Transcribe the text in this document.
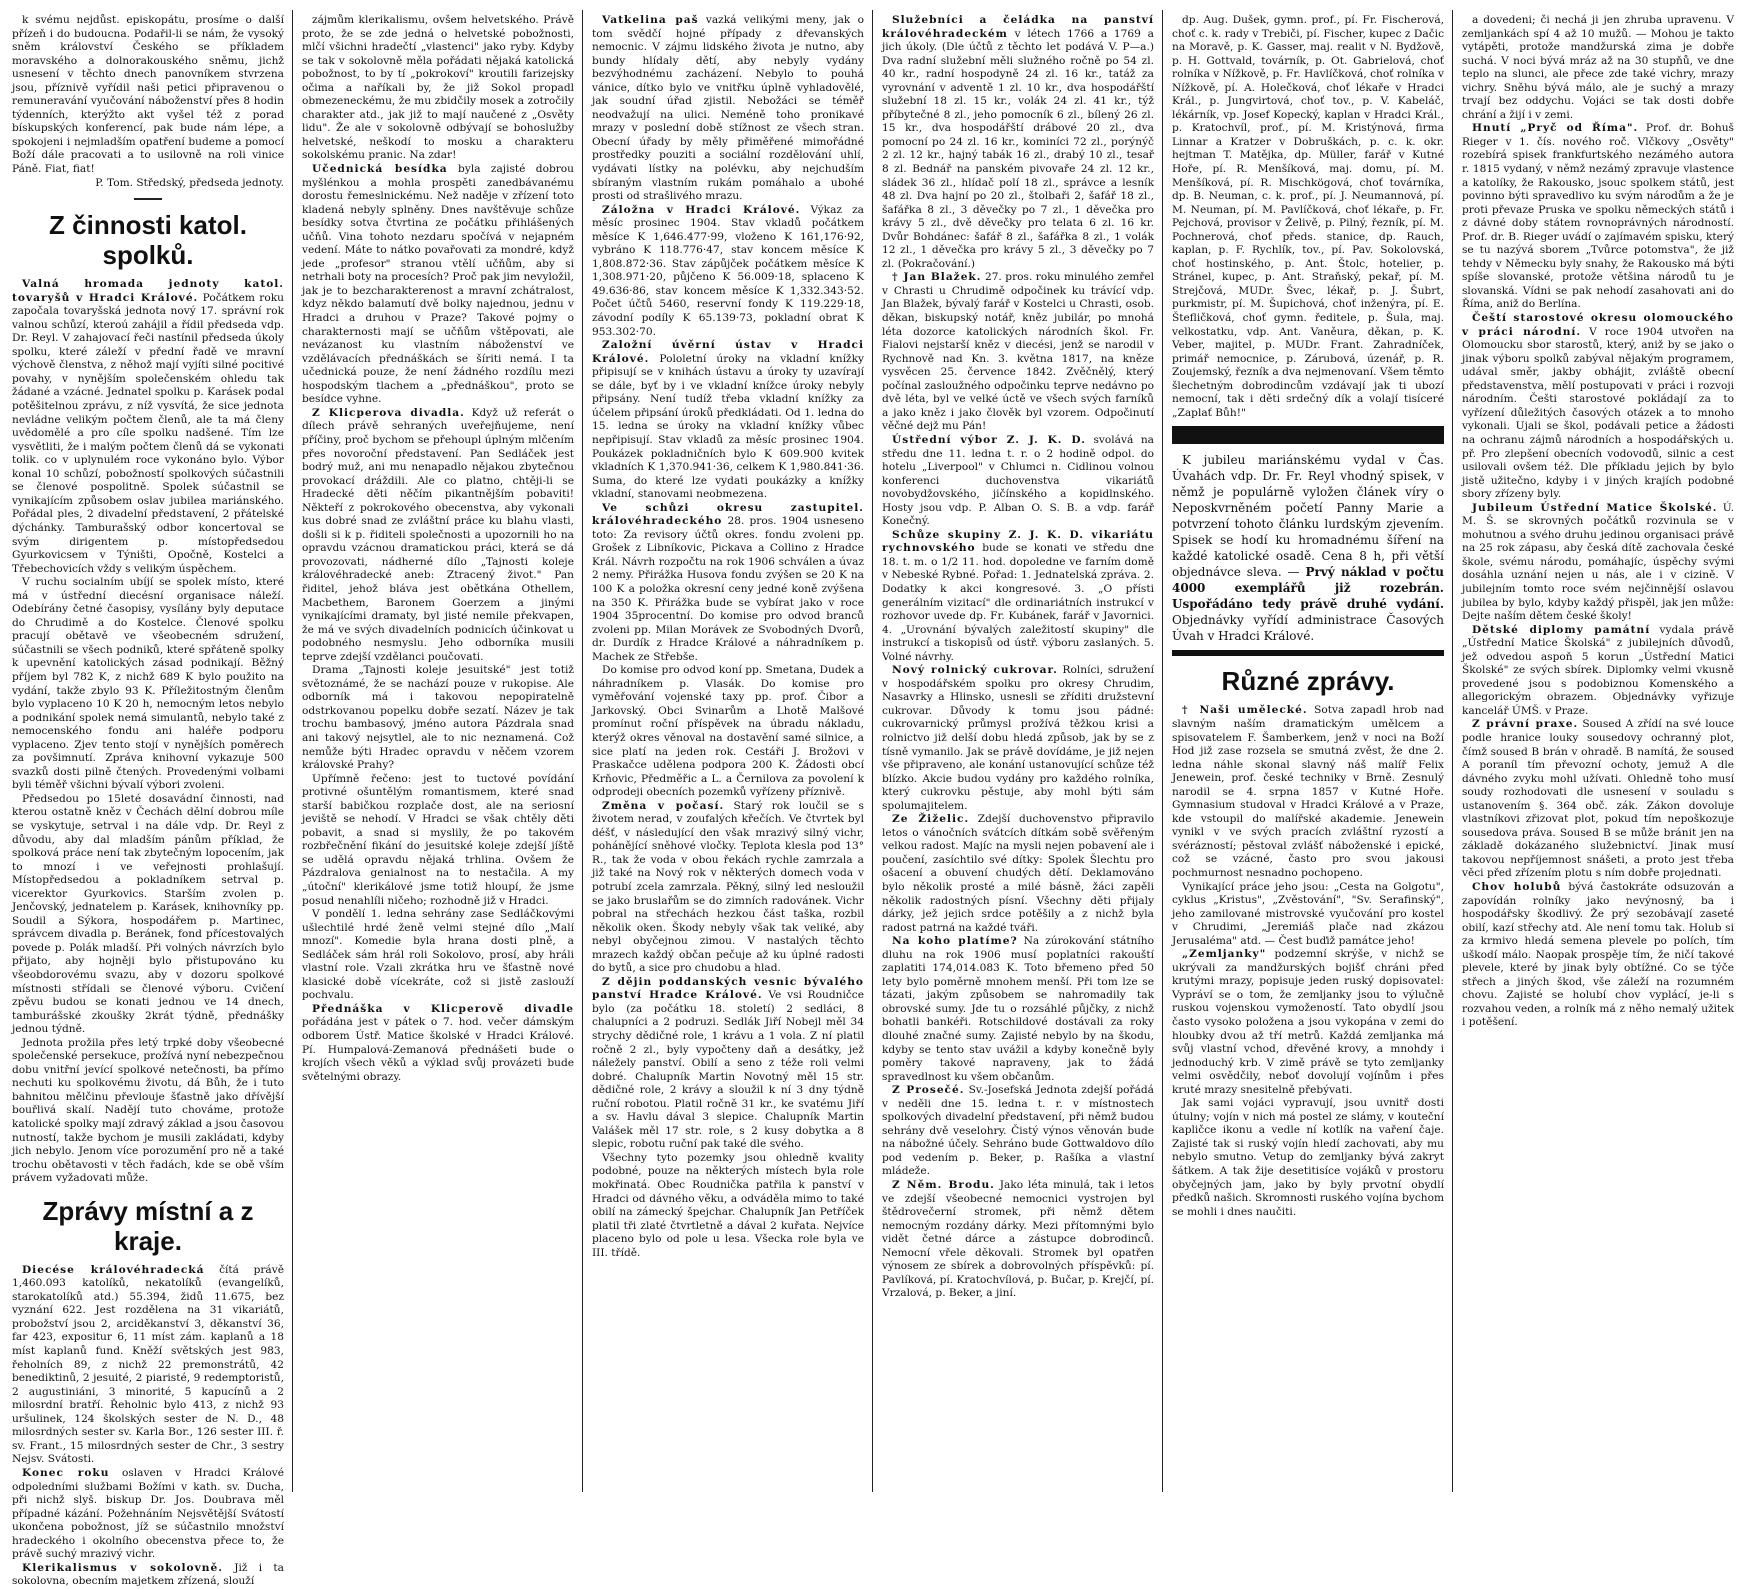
k svému nejdůst. episkopátu, prosíme o další přízeň i do budoucna. Podařil-li se nám, že vysoký sněm království Českého se příkladem moravského a dolnorakouského sněmu, jichž usnesení v těchto dnech panovníkem stvrzena jsou, příznivě vyřídil naši petici připravenou o remuneravání vyučování náboženství přes 8 hodin týdenních, kterýžto akt vyšel též z porad bískupských konferencí, pak bude nám lépe, a spokojeni i nejmladším opatření budeme a pomocí Boží dále pracovati a to usilovně na roli vinice Páně. Fiat, fiat!

P. Tom. Středský, předseda jednoty.

Z činnosti katol. spolků.

Valná hromada jednoty katol. tovaryšů v Hradci Králové. Počátkem roku započala tovaryšská jednota nový 17. správní rok valnou schůzí, kteroú zahájil a řídil předseda vdp. Dr. Reyl. V zahajovací řeči nastínil předseda úkoly spolku, které záleží v přední řadě ve mravní výchově členstva, z něhož mají vyjíti silné pocitivé povahy, v nynějším společenském ohledu tak žádané a vzácné. Jednatel spolku p. Karásek podal potěšitelnou zprávu, z níž vysvítá, že sice jednota nevládne velikým počtem členů, ale ta má členy uvědomělé a pro cíle spolku nadšené. Tím lze vysvětliti, že i malým počtem členů dá se vykonati tolik. co v uplynulém roce vykonáno bylo. Výbor konal 10 schůzí, pobožností spolkových súčastnili se členové pospolitně. Spolek súčastnil se vynikajícím způsobem oslav jubilea mariánského. Pořádal ples, 2 divadelní představení, 2 přátelské dýchánky. Tamburašský odbor koncertoval se svým dirigentem p. místopředsedou Gyurkovicsem v Týništi, Opočně, Kostelci a Třebechovicích vždy s velikým úspěchem.

V ruchu socialním ubíjí se spolek místo, které má v ústřední diecésní organisace náleží. Odebírány četné časopisy, vysílány byly deputace do Chrudimě a do Kostelce. Členové spolku pracují obětavě ve všeobecném sdružení, súčastnili se všech podniků, které spřáteně spolky k upevnění katolických zásad podnikají. Běžný příjem byl 782 K, z nichž 689 K bylo použito na vydání, takže zbylo 93 K. Příležitostným členům bylo vyplaceno 10 K 20 h, nemocným letos nebylo a podnikání spolek nemá simulantů, nebylo také z nemocenského fondu ani haléře podporu vyplaceno. Zjev tento stojí v nynějších poměrech za povšimnutí. Zpráva knihovní vykazuje 500 svazků dosti pilně čtených. Provedenými volbami byli téměř všichni bývalí výbori zvoleni.

Předsedou po 15leté dosavádní činnosti, nad kterou ostatně kněz v Čechách dělní dobrou míle se vyskytuje, setrval i na dále vdp. Dr. Reyl z důvodu, aby dal mladším pánům příklad, že spolková práce není tak zbytečným lopocením, jak to mnozí i ve veřejnosti prohlašují. Místopředsedou a pokladníkem setrval p. vicerektor Gyurkovics. Starším zvolen p. Jenčovský, jednatelem p. Karásek, knihovníky pp. Soudil a Sýkora, hospodářem p. Martinec, správcem divadla p. Beránek, fond přícestovalých povede p. Polák mladší. Při volných návrzích bylo přijato, aby hojněji bylo přistupováno ku všeobdorovému svazu, aby v dozoru spolkové místnosti střídali se členové výboru. Cvičení zpěvu budou se konati jednou ve 14 dnech, tamburášské zkoušky 2krát týdně, přednášky jednou týdně.

Jednota prožila přes letý trpké doby všeobecné společenské persekuce, prožívá nyní nebezpečnou dobu vnitřní jevící spolkové netečnosti, ba přímo nechuti ku spolkovému životu, dá Bůh, že i tuto bahnitou mělčinu převlouje šťastně jako dřívější bouřlivá skalí. Nadějí tuto chováme, protože katolické spolky mají zdravý základ a jsou časovou nutností, takže bychom je musili zakládati, kdyby jich nebylo. Jenom více porozumění pro ně a také trochu obětavosti v těch řadách, kde se obě vším právem vyžadovati může.

Zprávy místní a z kraje.

Diecése královéhradecká čítá právě 1,460.093 katolíků, nekatolíků (evangelíků, starokatolíků atd.) 55.394, židů 11.675, bez vyznání 622. Jest rozdělena na 31 vikariátů, probožství jsou 2, arciděkanství 3, děkanství 36, far 423, expositur 6, 11 míst zám. kaplanů a 18 míst kaplanů fund. Kněží světských jest 983, řeholních 89, z nichž 22 premonstrátů, 42 benediktinů, 2 jesuité, 2 piaristé, 9 redemptoristů, 2 augustiniáni, 3 minorité, 5 kapucínů a 2 milosrdní bratří. Řeholnic bylo 413, z nichž 93 uršulinek, 124 školských sester de N. D., 48 milosrdných sester sv. Karla Bor., 126 sester III. ř. sv. Frant., 15 milosrdných sester de Chr., 3 sestry Nejsv. Svátosti.

Konec roku oslaven v Hradci Králové odpoledními službami Božími v kath. sv. Ducha, při nichž slyš. biskup Dr. Jos. Doubrava měl případné kázání. Požehnáním Nejsvětější Svátostí ukončena pobožnost, jíž se súčastnilo množství hradeckého i okolního obecenstva přece to, že právě suchý mrazivý vichr.

Klerikalismus v sokolovně. Již i ta sokolovna, obecním majetkem zřízená, slouží

zájmům klerikalismu, ovšem helvetského. Právě proto, že se zde jedná o helvetské pobožnosti, mlčí všichni hradečtí „vlastenci" jako ryby. Kdyby se tak v sokolovně měla pořádati nějaká katolická pobožnost, to by tí „pokrokoví" kroutili farizejsky očima a naříkali by, že již Sokol propadl obmezeneckému, že mu zbidčily mosek a zotročily charakter atd., jak již to mají naučené z „Osvěty lidu". Že ale v sokolovně odbývají se bohoslužby helvetské, neškodí to mosku a charakteru sokolskému pranic. Na zdar!

Učednická besídka byla zajisté dobrou myšlénkou a mohla prospěti zanedbávanému dorostu řemeslnickému. Než naděje v zřízení toto kladená nebyly splněny. Dnes navštěvuje schůze besídky sotva čtvrtina ze počátku přihlášených učňů. Vina tohoto nezdaru spočívá v nejapném vedení. Máte to nátko povařovati za mondré, když jede „profesor" stranou vtělí učňům, aby si netrhali boty na procesích? Proč pak jim nevyložil, jak je to bezcharakterenost a mravní zchátralost, kdyz někdo balamutí dvě bolky najednou, jednu v Hradci a druhou v Praze? Takové pojmy o charakternosti mají se učňům vštěpovati, ale nevázanost ku vlastním náboženství ve vzdělávacích přednáškách se šíriti nemá. I ta učednická pouze, že není žádného rozdílu mezi hospodským tlachem a „přednáškou", proto se besídce vyhne.

Z Klicperova divadla. Když už referát o dílech právě sehraných uveřejňujeme, není příčiny, proč bychom se přehoupl úplným mlčením přes novoroční představení. Pan Sedláček jest bodrý muž, ani mu nenapadlo nějakou zbytečnou provokací dráždili. Ale co platno, chtěji-li se Hradecké děti něčím pikantnějším pobaviti! Někteří z pokrokového obecenstva, aby vykonali kus dobré snad ze zvláštní práce ku blahu vlasti, došli si k p. řiditeli společnosti a upozornili ho na opravdu vzácnou dramatickou práci, která se dá provozovati, nádherné dílo „Tajnosti koleje královéhradecké aneb: Ztracený život." Pan řiditel, jehož bláva jest obětkána Othellem, Macbethem, Baronem Goerzem a jinými vynikajícími dramaty, byl jisté nemile překvapen, že má ve svých divadelních podnicích účinkovat u podobného nesmyslu. Jeho odborníka musili teprve zdejší vzdělanci poučovati.

Drama „Tajnosti koleje jesuitské" jest totiž světoznámé, že se nachází pouze v rukopise. Ale odborník má i takovou nepopiratelně odstrkovanou popelku dobře sezatí. Název je tak trochu bambasový, jméno autora Pázdrala snad ani takový nejsytlel, ale to nic neznamená. Což nemůže býti Hradec opravdu v něčem vzorem královské Prahy?

Upřímně řečeno: jest to tuctové povídání protivné ošuntělým romantismem, které snad starší babičkou rozplače dost, ale na seriosní jeviště se nehodí. V Hradci se však chtěly děti pobavit, a snad si myslily, že po takovém rozbřečnění fikání do jesuitské koleje zdejší jíště se udělá opravdu nějaká trhlina. Ovšem že Pázdralova genialnost na to nestačila. A my „útoční" klerikálové jsme totiž hloupí, že jsme posud nenahlíli ničeho; rozhodně již v Hradci.

V pondělí 1. ledna sehrány zase Sedláčkovými ušlechtilé hrdé ženě velmi stejné dílo „Malí mnozí". Komedie byla hrana dosti plně, a Sedláček sám hrál roli Sokolovo, prosí, aby hráli vlastní role. Vzali zkrátka hru ve šťastně nové klasické době vícekráte, což si jistě zaslouží pochvalu.

Přednáška v Klicperově divadle pořádána jest v pátek o 7. hod. večer dámským odborem Ústř. Matice školské v Hradci Králové. Pí. Humpalová-Zemanová přednášeti bude o krojích všech věků a výklad svůj provázeti bude světelnými obrazy.

Vatkelina paš vazká velikými meny, jak o tom svědčí hojné případy z dřevanských nemocnic. V zájmu lidského života je nutno, aby bundy hlídaly dětí, aby nebyly vydány bezvýhodnému zacházení. Nebylo to pouhá vánice, dítko bylo ve vnitřku úplně vyhladovělé, jak soudní úřad zjistil. Nebožáci se téměř neodvažují na ulici. Neméně toho pronikavé mrazy v poslední době stížnost ze všech stran. Obecní úřady by měly přiměřené mimořádné prostředky pouziti a sociální rozdělování uhlí, vydávati lístky na polévku, aby nejchudším sbíraným vlastním rukám pomáhalo a ubohé prosti od strašlivého mrazu.

Záložna v Hradci Králové. Výkaz za měsíc prosinec 1904. Stav vkladů počátkem měsíce K 1,646.477·99, vloženo K 161,176·92, vybráno K 118.776·47, stav koncem měsíce K 1,808.872·36. Stav zápůjček počátkem měsíce K 1,308.971·20, půjčeno K 56.009·18, splaceno K 49.636·86, stav koncem měsíce K 1,332.343·52. Počet účtů 5460, reservní fondy K 119.229·18, závodní podíly K 65.139·73, pokladní obrat K 953.302·70.

Založní úvěrní ústav v Hradci Králové. Pololetní úroky na vkladní knížky připisují se v knihách ústavu a úroky ty uzavírají se dále, byť by i ve vkladní knížce úroky nebyly připsány. Není tudíž třeba vkladní knížky za účelem připsání úroků předkládati. Od 1. ledna do 15. ledna se úroky na vkladní knížky vůbec nepřipisují. Stav vkladů za měsíc prosinec 1904. Poukázek pokladničních bylo K 609.900 kvitek vkladních K 1,370.941·36, celkem K 1,980.841·36. Suma, do které lze vydati poukázky a knížky vkladní, stanovami neobmezena.

Ve schůzi okresu zastupitel. královéhradeckého 28. pros. 1904 usneseno toto: Za revisory účtů okres. fondu zvoleni pp. Grošek z Libníkovic, Pickava a Collino z Hradce Král. Návrh rozpočtu na rok 1906 schválen a úvaz 2 nemy. Přirážka Husova fondu zvýšen se 20 K na 100 K a položka okresní ceny jedné koně zvýšena na 350 K. Přirážka bude se vybírat jako v roce 1904 35procentní. Do komise pro odvod branců zvoleni pp. Milan Morávek ze Svobodných Dvorů, dr. Durdík z Hradce Králové a náhradníkem p. Machek ze Střebše.

Do komise pro odvod koní pp. Smetana, Dudek a náhradníkem p. Vlasák. Do komise pro vyměřování vojenské taxy pp. prof. Čibor a Jarkovský. Obci Svinarům a Lhotě Malšové promínut roční příspěvek na úbradu nákladu, kterýž okres věnoval na dostavění samé silnice, a sice platí na jeden rok. Cestáři J. Brožovi v Praskačce udělena podpora 200 K. Žádosti obcí Krňovic, Předměřic a L. a Černilova za povolení k odprodeji obecních pozemků vyřízeny příznivě.

Změna v počasí. Starý rok loučil se s životem nerad, v zoufalých křečích. Ve čtvrtek byl déšť, v následující den však mrazivý silný vichr, pohánějící sněhové vločky. Teplota klesla pod 13° R., tak že voda v obou řekách rychle zamrzala a již také na Nový rok v některých domech voda v potrubí zcela zamrzala. Pěkný, silný led nesloužil se jako bruslařům se do zimních radovánek. Vichr pobral na střechách hezkou část taška, rozbil několik oken. Škody nebyly však tak veliké, aby nebyl obyčejnou zimou. V nastalých těchto mrazech každý občan pečuje až ku úplné radosti do bytů, a sice pro chudobu a hlad.

Z dějin poddanských vesnic bývalého panství Hradce Králové. Ve vsi Roudničce bylo (za počátku 18. století) 2 sedláci, 8 chalupníci a 2 podruzi. Sedlák Jiří Nobejl měl 34 strychy dědičné role, 1 krávu a 1 vola. Z ní platil ročně 2 zl., byly vypočteny daň a desátky, jež náležely panství. Obilí a seno z téže roli velmi dobré. Chalupník Martin Novotný měl 15 str. dědičné role, 2 krávy a sloužil k ní 3 dny týdně ruční robotou. Platil ročně 31 kr., ke svatému Jiří a sv. Havlu dával 3 slepice. Chalupník Martin Valášek měl 17 str. role, s 2 kusy dobytka a 8 slepic, robotu ruční pak také dle svého.

Všechny tyto pozemky jsou ohledně kvality podobné, pouze na některých místech byla role mokřinatá. Obec Roudnička patřila k panství v Hradci od dávného věku, a odváděla mimo to také obilí na zámecký špejchar. Chalupník Jan Petříček platil tři zlaté čtvrtletně a dával 2 kuřata. Nejvíce placeno bylo od pole u lesa. Všecka role byla ve III. třídě.

Služebníci a čeládka na panství královéhradeckém v létech 1766 a 1769 a jich úkoly. (Dle účtů z těchto let podává V. P—a.) Dva radní služební měli služného ročně po 54 zl. 40 kr., radní hospodyně 24 zl. 16 kr., tatáž za vyrovnání v adventě 1 zl. 10 kr., dva hospodářští služební 18 zl. 15 kr., volák 24 zl. 41 kr., týž příbytečné 8 zl., jeho pomocník 6 zl., bílený 26 zl. 15 kr., dva hospodářští drábové 20 zl., dva pomocní po 24 zl. 16 kr., kominíci 72 zl., porýnýč 2 zl. 12 kr., hajný tabák 16 zl., drabý 10 zl., tesař 8 zl. Bednář na panském pivovaře 24 zl. 12 kr., sládek 36 zl., hlídač polí 18 zl., správce a lesník 48 zl. Dva hajní po 20 zl., štolbaři 2, šafář 18 zl., šafářka 8 zl., 3 děvečky po 7 zl., 1 děvečka pro krávy 5 zl., dvě děvečky pro telata 6 zl. 16 kr. Dvůr Bohdánec: šafář 8 zl., šafářka 8 zl., 1 volák 12 zl., 1 děvečka pro krávy 5 zl., 3 děvečky po 7 zl. (Pokračování.)

† Jan Blažek. 27. pros. roku minulého zemřel v Chrasti u Chrudimě odpočinek ku trávící vdp. Jan Blažek, bývalý farář v Kostelci u Chrasti, osob. děkan, biskupský notář, kněz jubilár, po mnohá léta dozorce katolických národních škol. Fr. Fialovi nejstarší kněz v diecési, jenž se narodil v Rychnově nad Kn. 3. května 1817, na kněze vysvěcen 25. července 1842. Zvěčnělý, který počínal zasloužného odpočinku teprve nedávno po dvě léta, byl ve velké úctě ve všech svých farníků a jako kněz i jako člověk byl vzorem. Odpočinutí věčné dejž mu Pán!

Ústřední výbor Z. J. K. D. svolává na středu dne 11. ledna t. r. o 2 hodině odpol. do hotelu „Liverpool" v Chlumci n. Cidlinou volnou konferenci duchovenstva vikariátů novobydžovského, jičínského a kopidlnského. Hosty jsou vdp. P. Alban O. S. B. a vdp. farář Konečný.

Schůze skupiny Z. J. K. D. vikariátu rychnovského bude se konati ve středu dne 18. t. m. o 1/2 11. hod. dopoledne ve farním domě v Nebeské Rybné. Pořad: 1. Jednatelská zpráva. 2. Dodatky k akci kongresové. 3. „O přísti generálním vizitací" dle ordinariátních instrukcí v rozhovor uvede dp. Fr. Kubánek, farář v Javornici. 4. „Urovnání bývalých zaležitostí skupiny" dle instrukcí a tiskopisů od ústř. výboru zaslaných. 5. Volné návrhy.

Nový rolnický cukrovar. Rolníci, sdružení v hospodářském spolku pro okresy Chrudim, Nasavrky a Hlinsko, usnesli se zříditi družstevní cukrovar. Důvody k tomu jsou pádné: cukrovarnický průmysl prožívá těžkou krisi a rolnictvo již delší dobu hledá způsob, jak by se z tísně vymanilo. Jak se právě dovídáme, je již nejen vše připraveno, ale konání ustanovující schůze též blízko. Akcie budou vydány pro každého rolníka, který cukrovku pěstuje, aby mohl býti sám spolumajitelem.

Ze Žiželic. Zdejší duchovenstvo připravilo letos o vánočních svátcích dítkám sobě svěřeným velkou radost. Majíc na mysli nejen pobavení ale i poučení, zasíchtilo své dítky: Spolek Šlechtu pro ošacení a obuvení chudých dětí. Deklamováno bylo několik prosté a milé básně, žáci zapěli několik radostných písní. Všechny děti přijaly dárky, jež jejich srdce potěšily a z nichž byla radost patrná na každé tváři.

Na koho platíme? Na zúrokování státního dluhu na rok 1906 musí poplatníci rakouští zaplatiti 174,014.083 K. Toto břemeno před 50 lety bylo poměrně mnohem menší. Při tom lze se tázati, jakým způsobem se nahromadily tak obrovské sumy. Jde tu o rozsáhlé půjčky, z nichž bohatli bankéři. Rotschildové dostávali za roky dlouhé značné sumy. Zajisté nebylo by na škodu, kdyby se tento stav uvážil a kdyby konečně byly poměry takové napraveny, jak to žádá spravedlnost ku všem občanům.

Z Prosečé. Sv.-Josefská Jednota zdejší pořádá v neděli dne 15. ledna t. r. v místnostech spolkových divadelní představení, při němž budou sehrány dvě veselohry. Čistý výnos věnován bude na nábožné účely. Sehráno bude Gottwaldovo dílo pod vedením p. Beker, p. Rašíka a vlastní mládeže.

Z Něm. Brodu. Jako léta minulá, tak i letos ve zdejší všeobecné nemocnici vystrojen byl štědrovečerní stromek, při němž dětem nemocným rozdány dárky. Mezi přítomnými bylo vidět četné dárce a zástupce dobrodinců. Nemocní vřele děkovali. Stromek byl opatřen výnosem ze sbírek a dobrovolných příspěvků: pí. Pavlíková, pí. Kratochvílová, p. Bučar, p. Krejčí, pí. Vrzalová, p. Beker, a jiní.

dp. Aug. Dušek, gymn. prof., pí. Fr. Fischerová, choť c. k. rady v Trebiči, pí. Fischer, kupec z Dačic na Moravě, p. K. Gasser, maj. realit v N. Bydžově, p. H. Gottvald, továrník, p. Ot. Gabrielová, choť rolníka v Nížkově, p. Fr. Havlíčková, choť rolníka v Nížkově, pí. A. Holečková, choť lékaře v Hradci Král., p. Jungvirtová, choť tov., p. V. Kabeláč, lékárník, vp. Josef Kopecký, kaplan v Hradci Král., p. Kratochvíl, prof., pí. M. Kristýnová, firma Linnar a Kratzer v Dobruškách, p. c. k. okr. hejtman T. Matějka, dp. Müller, farář v Kutné Hoře, pí. R. Menšíková, maj. domu, pí. M. Menšíková, pí. R. Mischkögová, choť továrníka, dp. B. Neuman, c. k. prof., pí. J. Neumannová, pí. M. Neuman, pí. M. Pavlíčková, choť lékaře, p. Fr. Pejchová, provisor v Želivě, p. Pilný, řezník, pí. M. Pochnerová, choť předs. stanice, dp. Rauch, kaplan, p. F. Rychlík, tov., pí. Pav. Sokolovská, choť hostinského, p. Ant. Štolc, hotelier, p. Stránel, kupec, p. Ant. Straňský, pekař, pí. M. Strejčová, MUDr. Švec, lékař, p. J. Šubrt, purkmistr, pí. M. Šupichová, choť inženýra, pí. E. Štefličková, choť gymn. ředitele, p. Šula, maj. velkostatku, vdp. Ant. Vaněura, děkan, p. K. Veber, majitel, p. MUDr. Frant. Zahradníček, primář nemocnice, p. Zárubová, úzenář, p. R. Zoujemský, řezník a dva nejmenovaní. Všem těmto šlechetným dobrodincům vzdávají jak ti ubozí nemocní, tak i děti srdečný dík a volají tisíceré „Zaplať Bůh!"

K jubileu mariánskému vydal v Čas. Úvahách vdp. Dr. Fr. Reyl vhodný spisek, v němž je populárně vyložen článek víry o Neposkvrněném početí Panny Marie a potvrzení tohoto článku lurdským zjevením. Spisek se hodí ku hromadnému šíření na každé katolické osadě. Cena 8 h, při větší objednávce sleva. — Prvý náklad v počtu 4000 exemplářů již rozebrán. Uspořádáno tedy právě druhé vydání. Objednávky vyřídí administrace Časových Úvah v Hradci Králové.

Různé zprávy.

† Naši umělecké. Sotva zapadl hrob nad slavným naším dramatickým umělcem a spisovatelem F. Šamberkem, jenž v noci na Boží Hod již zase rozsela se smutná zvěst, že dne 2. ledna náhle skonal slavný náš malíř Felix Jenewein, prof. české techniky v Brně. Zesnulý narodil se 4. srpna 1857 v Kutné Hoře. Gymnasium studoval v Hradci Králové a v Praze, kde vstoupil do malířské akademie. Jenewein vynikl v ve svých pracích zvláštní ryzostí a svérázností; pěstoval zvlášť náboženské i epické, což se vzácné, často pro svou jakousi pochmurnost nesnadno pochopeno.

Vynikající práce jeho jsou: „Cesta na Golgotu", cyklus „Kristus", „Zvěstování", "Sv. Serafinský", jeho zamilované mistrovské vyučování pro kostel v Chrudimi, „Jeremiáš plače nad zkázou Jerusaléma" atd. — Čest buďiž památce jeho!

„Zemljanky" podzemní skrýše, v nichž se ukrývali za mandžurských bojišť chráni před krutými mrazy, popisuje jeden ruský dopisovatel: Vypráví se o tom, že zemljanky jsou to výlučně ruskou vojenskou vymožeností. Tato obydlí jsou často vysoko položena a jsou vykopána v zemi do hloubky dvou až tří metrů. Každá zemljanka má svůj vlastní vchod, dřevěné krovy, a mnohdy i jednoduchý krb. V zimě právě se tyto zemljanky velmi osvědčily, neboť dovolují vojínům i přes kruté mrazy snesitelně přebývati.

Jak sami vojáci vypravují, jsou uvnitř dosti útulny; vojín v nich má postel ze slámy, v kouteční kapličce ikonu a vedle ní kotlík na vaření čaje. Zajisté tak si ruský vojín hledí zachovati, aby mu nebylo smutno. Vetup do zemljanky bývá zakryt šátkem. A tak žije desetitisíce vojáků v prostoru obyčejných jam, jako by byly prvotní obydlí předků našich. Skromnosti ruského vojína bychom se mohli i dnes naučiti.

a dovedeni; či nechá ji jen zhruba upravenu. V zemljankách spí 4 až 10 mužů. — Mohou je takto vytápěti, protože mandžurská zima je dobře suchá. V noci bývá mráz až na 30 stupňů, ve dne teplo na slunci, ale přece zde také vichry, mrazy vichry. Sněhu bývá málo, ale je suchý a mrazy trvají bez oddychu. Vojáci se tak dosti dobře chrání a žijí i v zemi.

Hnutí „Pryč od Říma". Prof. dr. Bohuš Rieger v 1. čís. nového roč. Vlčkovy „Osvěty" rozebírá spisek frankfurtského nezámého autora r. 1815 vydaný, v němž nezámý zpravuje vlastence a katolíky, že Rakousko, jsouc spolkem států, jest povinno býti spravedlivo ku svým národům a že je proti převaze Pruska ve spolku německých států i z dávné doby státem rovnoprávných národností. Prof. dr. B. Rieger uvádí o zajímavém spisku, který se tu nazývá sborem „Tvůrce potomstva", že již tehdy v Německu byly snahy, že Rakousko má býti spíše slovanské, protože většina národů tu je slovanská. Vídni se pak nehodí zasahovati ani do Říma, aniž do Berlína.

Čeští starostové okresu olomouckého v práci národní. V roce 1904 utvořen na Olomoucku sbor starostů, který, aniž by se jako o jinak výboru spolků zabýval nějakým programem, udával směr, jakby obhájit, zvláště obecní představenstva, mělí postupovati v práci i rozvoji národním. Češti starostové pokládají za to vyřízení důležitých časových otázek a to mnoho vykonali. Ujali se škol, podávali petice a žádosti na ochranu zájmů národních a hospodářských u. př. Pro zlepšení obecních vodovodů, silnic a cest usilovali ovšem též. Dle příkladu jejich by bylo jistě užitečno, kdyby i v jiných krajích podobné sbory zřízeny byly.

Jubileum Ústřední Matice Školské. Ú. M. Š. se skrovných počátků rozvinula se v mohutnou a svého druhu jedinou organisaci právě na 25 rok zápasu, aby česká dítě zachovala české škole, svému národu, pomáhajíc, úspěchy svými dosáhla uznání nejen u nás, ale i v cizině. V jubilejním tomto roce svém nejčinnější oslavou jubilea by bylo, kdyby každý přispěl, jak jen může: Dejte naším dětem české školy!

Dětské diplomy památní vydala právě „Ústřední Matice Školská" z jubilejních důvodů, jež odvedou aspoň 5 korun „Ústřední Matici Školské" ze svých sbírek. Diplomky velmi vkusně provedené jsou s podobiznou Komenského a allegorickým obrazem. Objednávky vyřizuje kancelář ÚMŠ. v Praze.

Z právní praxe. Soused A zřídí na své louce podle hranice louky sousedovy ochranný plot, čímž soused B brán v ohradě. B namítá, že soused A poraníl tím převozní ochoty, jemuž A dle dávného zvyku mohl užívati. Ohledně toho musí soudy rozhodovati dle usnesení v souladu s ustanovením §. 364 obč. zák. Zákon dovoluje vlastníkovi zřizovat plot, pokud tím nepoškozuje sousedova práva. Soused B se může bránit jen na základě dokázaného služebnictví. Jinak musí takovou nepříjemnost snášeti, a proto jest třeba věci před zřízením plotu s ním dobře projednati.

Chov holubů bývá častokráte odsuzován a zapovídán rolníky jako nevýnosný, ba i hospodářsky škodlivý. Že prý sezobávají zaseté obilí, kazí střechy atd. Ale není tomu tak. Holub si za krmivo hledá semena plevele po polích, tím uškodí málo. Naopak prospěje tím, že ničí takové plevele, které by jinak byly obtížné. Co se týče střech a jiných škod, vše záleží na rozumném chovu. Zajisté se holubí chov vyplácí, je-li s rozvahou veden, a rolník má z něho nemalý užitek i potěšení.
